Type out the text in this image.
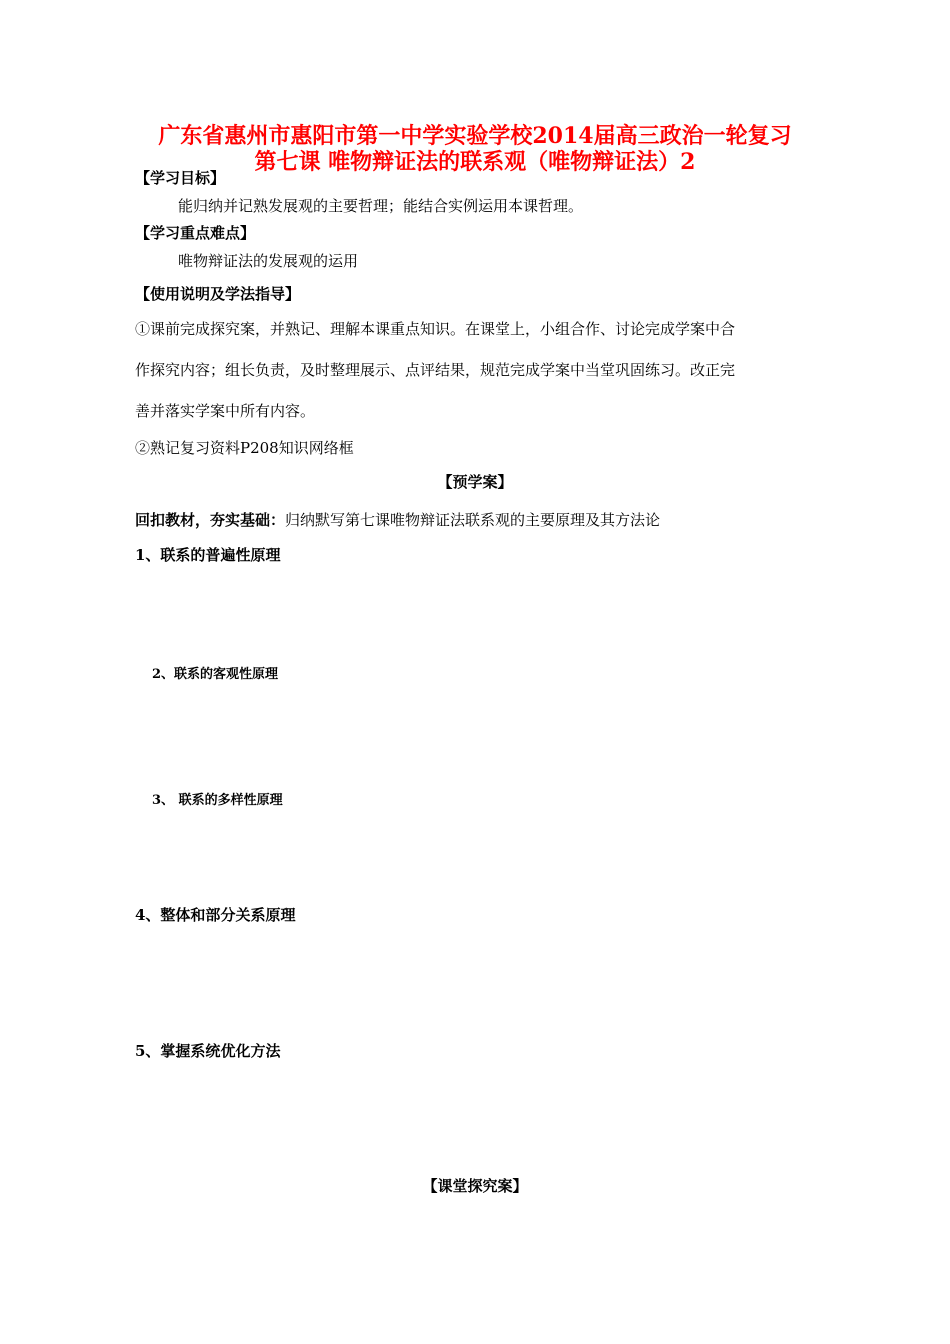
广东省惠州市惠阳市第一中学实验学校2014届高三政治一轮复习
第七课 唯物辩证法的联系观（唯物辩证法）2
【学习目标】
能归纳并记熟发展观的主要哲理；能结合实例运用本课哲理。
【学习重点难点】
唯物辩证法的发展观的运用
【使用说明及学法指导】
①课前完成探究案，并熟记、理解本课重点知识。在课堂上，小组合作、讨论完成学案中合
作探究内容；组长负责，及时整理展示、点评结果，规范完成学案中当堂巩固练习。改正完
善并落实学案中所有内容。
②熟记复习资料P208知识网络框
【预学案】
回扣教材，夯实基础：归纳默写第七课唯物辩证法联系观的主要原理及其方法论
1、联系的普遍性原理
2、联系的客观性原理
3、 联系的多样性原理
4、整体和部分关系原理
5、掌握系统优化方法
【课堂探究案】
